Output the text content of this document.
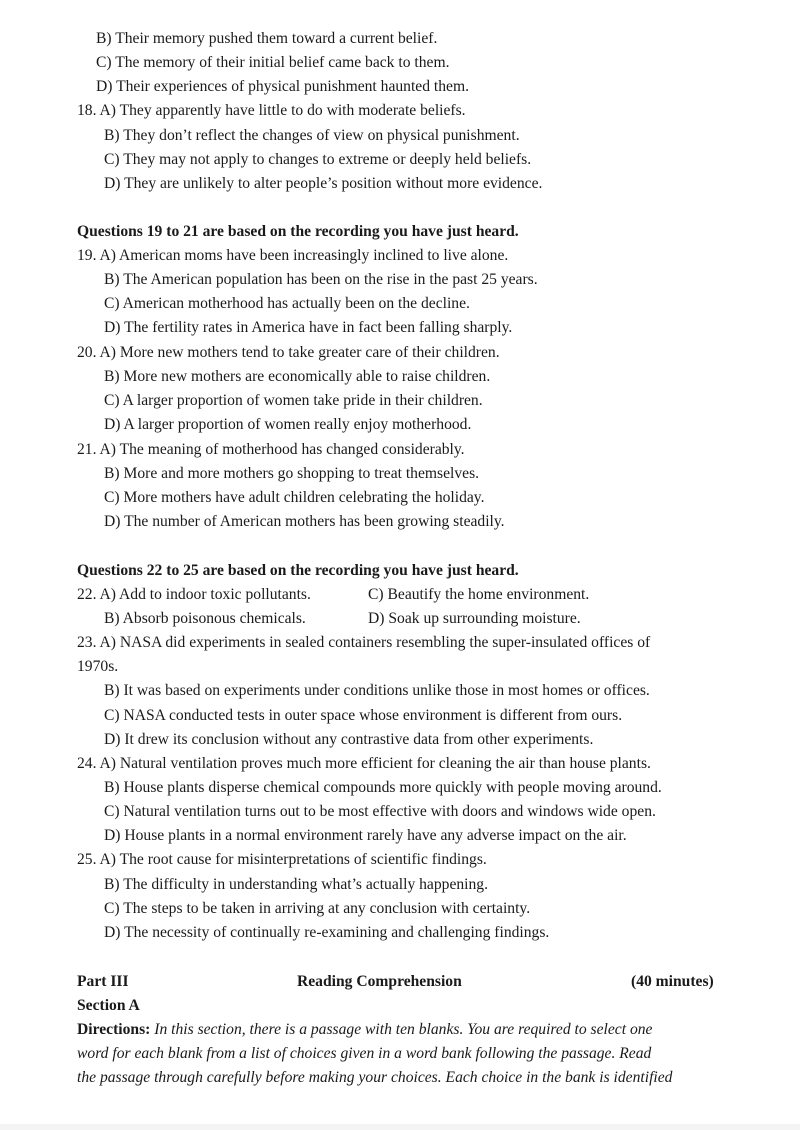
B) Their memory pushed them toward a current belief.
C) The memory of their initial belief came back to them.
D) Their experiences of physical punishment haunted them.
18. A) They apparently have little to do with moderate beliefs.
B) They don’t reflect the changes of view on physical punishment.
C) They may not apply to changes to extreme or deeply held beliefs.
D) They are unlikely to alter people’s position without more evidence.
Questions 19 to 21 are based on the recording you have just heard.
19. A) American moms have been increasingly inclined to live alone.
B) The American population has been on the rise in the past 25 years.
C) American motherhood has actually been on the decline.
D) The fertility rates in America have in fact been falling sharply.
20. A) More new mothers tend to take greater care of their children.
B) More new mothers are economically able to raise children.
C) A larger proportion of women take pride in their children.
D) A larger proportion of women really enjoy motherhood.
21. A) The meaning of motherhood has changed considerably.
B) More and more mothers go shopping to treat themselves.
C) More mothers have adult children celebrating the holiday.
D) The number of American mothers has been growing steadily.
Questions 22 to 25 are based on the recording you have just heard.
22. A) Add to indoor toxic pollutants.	C) Beautify the home environment.
B) Absorb poisonous chemicals.	D) Soak up surrounding moisture.
23. A) NASA did experiments in sealed containers resembling the super-insulated offices of
1970s.
B) It was based on experiments under conditions unlike those in most homes or offices.
C) NASA conducted tests in outer space whose environment is different from ours.
D) It drew its conclusion without any contrastive data from other experiments.
24. A) Natural ventilation proves much more efficient for cleaning the air than house plants.
B) House plants disperse chemical compounds more quickly with people moving around.
C) Natural ventilation turns out to be most effective with doors and windows wide open.
D) House plants in a normal environment rarely have any adverse impact on the air.
25. A) The root cause for misinterpretations of scientific findings.
B) The difficulty in understanding what’s actually happening.
C) The steps to be taken in arriving at any conclusion with certainty.
D) The necessity of continually re-examining and challenging findings.
Part III	Reading Comprehension	(40 minutes)
Section A
Directions: In this section, there is a passage with ten blanks. You are required to select one
word for each blank from a list of choices given in a word bank following the passage. Read
the passage through carefully before making your choices. Each choice in the bank is identified
